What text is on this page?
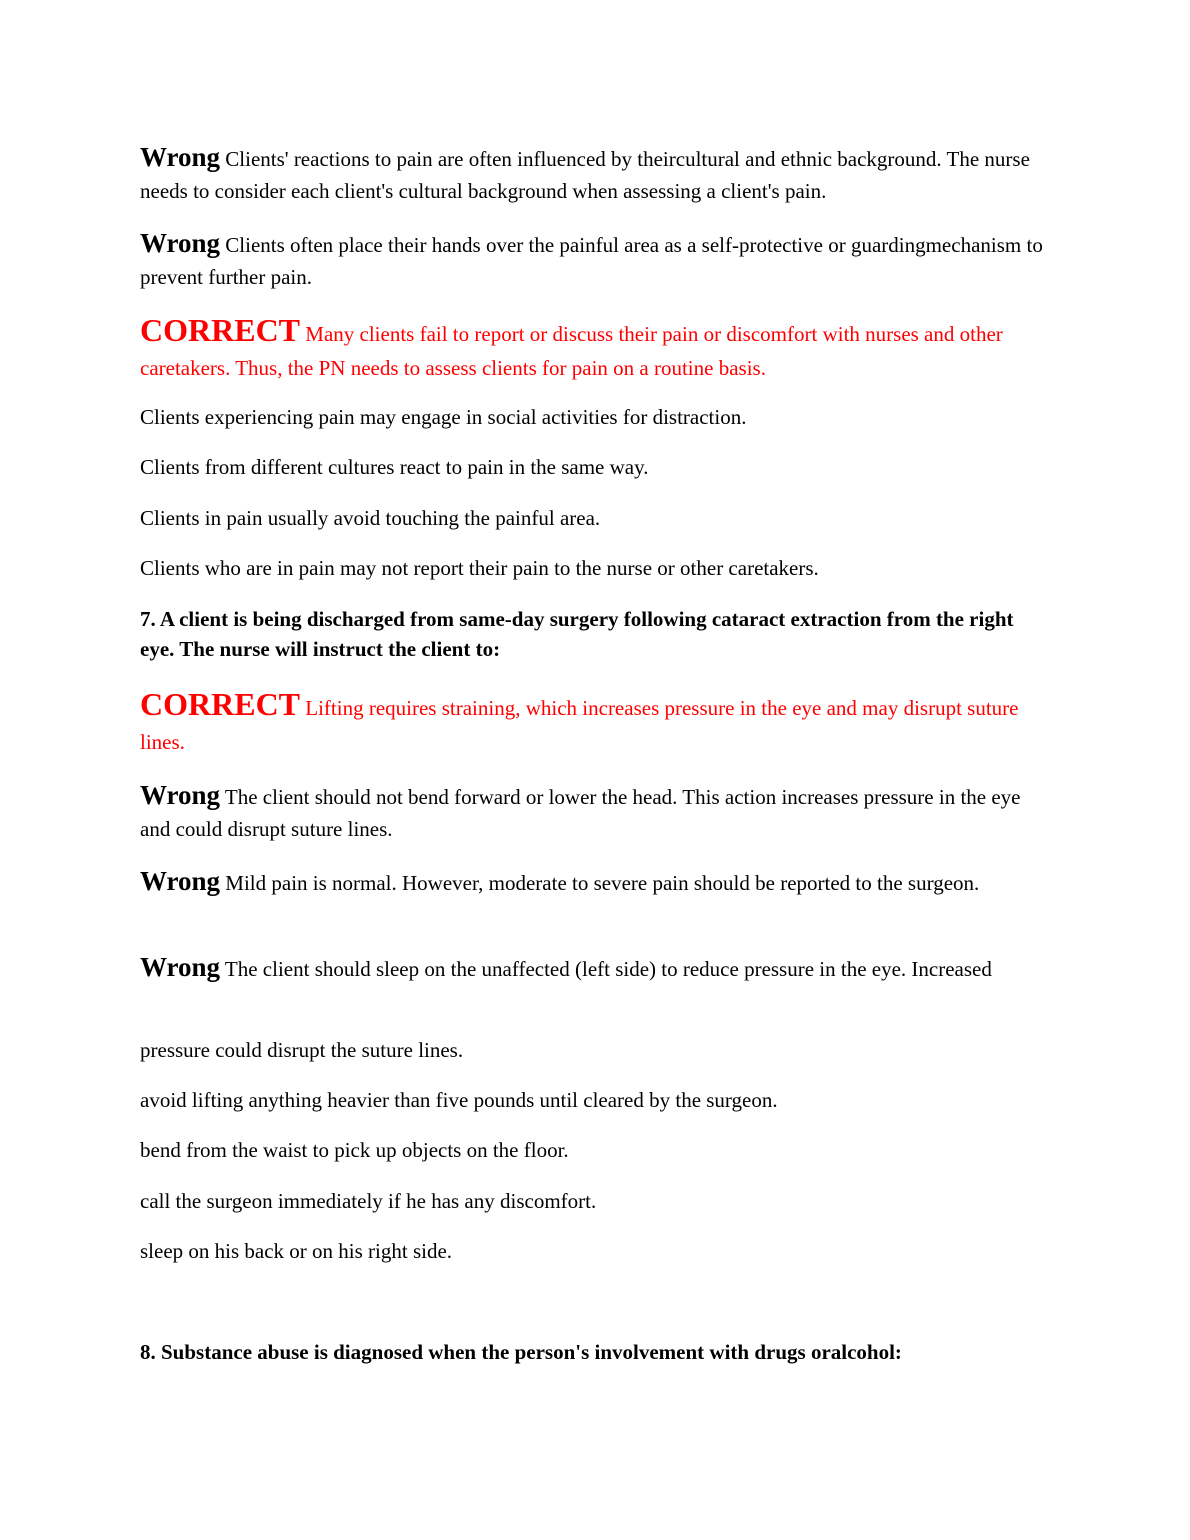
Wrong Clients' reactions to pain are often influenced by theircultural and ethnic background. The nurse needs to consider each client's cultural background when assessing a client's pain.

Wrong Clients often place their hands over the painful area as a self-protective or guardingmechanism to prevent further pain.

CORRECT Many clients fail to report or discuss their pain or discomfort with nurses and other caretakers. Thus, the PN needs to assess clients for pain on a routine basis.

Clients experiencing pain may engage in social activities for distraction.

Clients from different cultures react to pain in the same way.

Clients in pain usually avoid touching the painful area.

Clients who are in pain may not report their pain to the nurse or other caretakers.

7. A client is being discharged from same-day surgery following cataract extraction from the right eye. The nurse will instruct the client to:

CORRECT Lifting requires straining, which increases pressure in the eye and may disrupt suture lines.

Wrong The client should not bend forward or lower the head. This action increases pressure in the eye and could disrupt suture lines.

Wrong Mild pain is normal. However, moderate to severe pain should be reported to the surgeon.

Wrong The client should sleep on the unaffected (left side) to reduce pressure in the eye. Increased

pressure could disrupt the suture lines.

avoid lifting anything heavier than five pounds until cleared by the surgeon.

bend from the waist to pick up objects on the floor.

call the surgeon immediately if he has any discomfort.

sleep on his back or on his right side.

8. Substance abuse is diagnosed when the person's involvement with drugs oralcohol:
